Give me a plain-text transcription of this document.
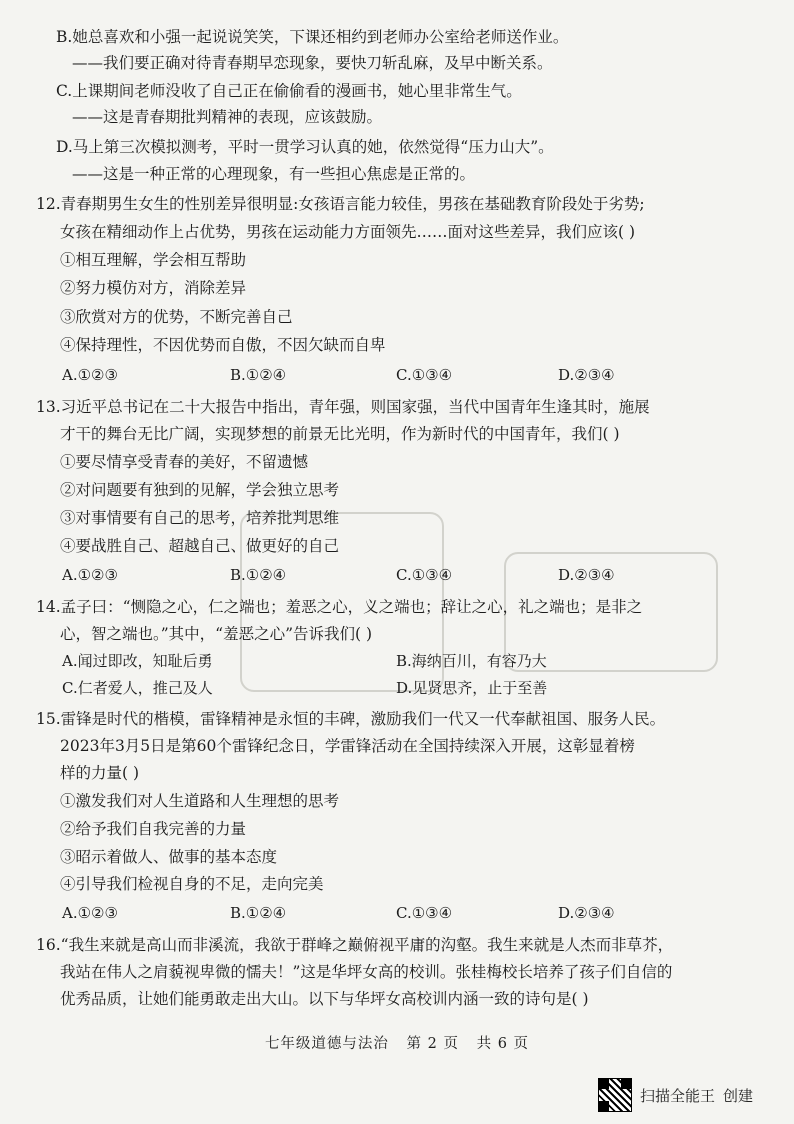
B.她总喜欢和小强一起说说笑笑，下课还相约到老师办公室给老师送作业。
——我们要正确对待青春期早恋现象，要快刀斩乱麻，及早中断关系。
C.上课期间老师没收了自己正在偷偷看的漫画书，她心里非常生气。
——这是青春期批判精神的表现，应该鼓励。
D.马上第三次模拟测考，平时一贯学习认真的她，依然觉得“压力山大”。
——这是一种正常的心理现象，有一些担心焦虑是正常的。
12.青春期男生女生的性别差异很明显:女孩语言能力较佳，男孩在基础教育阶段处于劣势;
女孩在精细动作上占优势，男孩在运动能力方面领先……面对这些差异，我们应该( )
①相互理解，学会相互帮助
②努力模仿对方，消除差异
③欣赏对方的优势，不断完善自己
④保持理性，不因优势而自傲，不因欠缺而自卑
A.①②③	B.①②④	C.①③④	D.②③④
13.习近平总书记在二十大报告中指出，青年强，则国家强，当代中国青年生逢其时，施展
才干的舞台无比广阔，实现梦想的前景无比光明，作为新时代的中国青年，我们( )
①要尽情享受青春的美好，不留遗憾
②对问题要有独到的见解，学会独立思考
③对事情要有自己的思考，培养批判思维
④要战胜自己、超越自己、做更好的自己
A.①②③	B.①②④	C.①③④	D.②③④
14.孟子曰：“恻隐之心，仁之端也；羞恶之心，义之端也；辞让之心，礼之端也；是非之
心，智之端也。”其中，“羞恶之心”告诉我们( )
A.闻过即改，知耻后勇	B.海纳百川，有容乃大
C.仁者爱人，推己及人	D.见贤思齐，止于至善
15.雷锋是时代的楷模，雷锋精神是永恒的丰碑，激励我们一代又一代奉献祖国、服务人民。
2023年3月5日是第60个雷锋纪念日，学雷锋活动在全国持续深入开展，这彰显着榜
样的力量( )
①激发我们对人生道路和人生理想的思考
②给予我们自我完善的力量
③昭示着做人、做事的基本态度
④引导我们检视自身的不足，走向完美
A.①②③	B.①②④	C.①③④	D.②③④
16.“我生来就是高山而非溪流，我欲于群峰之巅俯视平庸的沟壑。我生来就是人杰而非草芥，
我站在伟人之肩藐视卑微的懦夫！”这是华坪女高的校训。张桂梅校长培养了孩子们自信的
优秀品质，让她们能勇敢走出大山。以下与华坪女高校训内涵一致的诗句是( )
七年级道德与法治 第 2 页 共 6 页
扫描全能王 创建
